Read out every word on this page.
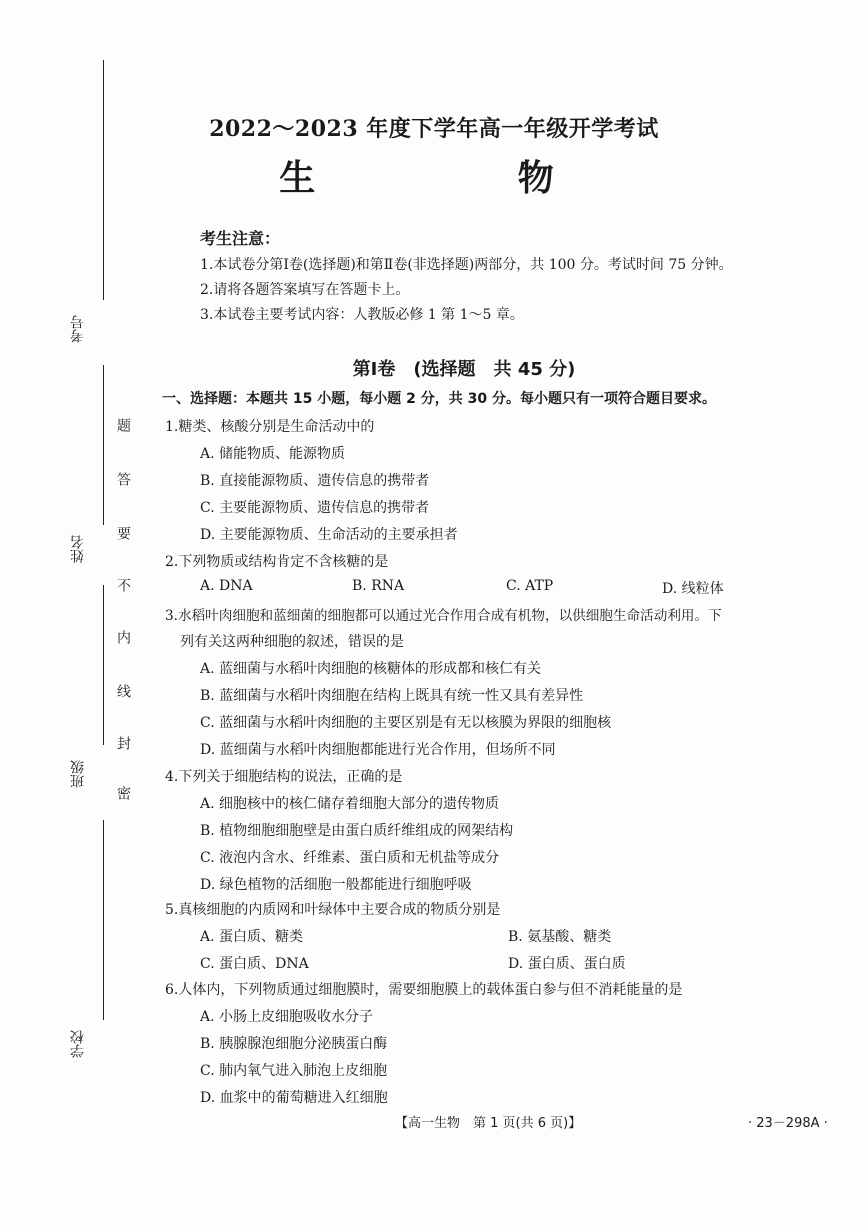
考号
姓名
班级
学校
题
答
要
不
内
线
封
密
2022～2023 年度下学年高一年级开学考试
生 物
考生注意：
1.本试卷分第Ⅰ卷(选择题)和第Ⅱ卷(非选择题)两部分，共 100 分。考试时间 75 分钟。
2.请将各题答案填写在答题卡上。
3.本试卷主要考试内容：人教版必修 1 第 1～5 章。
第Ⅰ卷　(选择题　共 45 分)
一、选择题：本题共 15 小题，每小题 2 分，共 30 分。每小题只有一项符合题目要求。
1.糖类、核酸分别是生命活动中的
A. 储能物质、能源物质
B. 直接能源物质、遗传信息的携带者
C. 主要能源物质、遗传信息的携带者
D. 主要能源物质、生命活动的主要承担者
2.下列物质或结构肯定不含核糖的是
A. DNA	B. RNA	C. ATP	D. 线粒体
3.水稻叶肉细胞和蓝细菌的细胞都可以通过光合作用合成有机物，以供细胞生命活动利用。下
列有关这两种细胞的叙述，错误的是
A. 蓝细菌与水稻叶肉细胞的核糖体的形成都和核仁有关
B. 蓝细菌与水稻叶肉细胞在结构上既具有统一性又具有差异性
C. 蓝细菌与水稻叶肉细胞的主要区别是有无以核膜为界限的细胞核
D. 蓝细菌与水稻叶肉细胞都能进行光合作用，但场所不同
4.下列关于细胞结构的说法，正确的是
A. 细胞核中的核仁储存着细胞大部分的遗传物质
B. 植物细胞细胞壁是由蛋白质纤维组成的网架结构
C. 液泡内含水、纤维素、蛋白质和无机盐等成分
D. 绿色植物的活细胞一般都能进行细胞呼吸
5.真核细胞的内质网和叶绿体中主要合成的物质分别是
A. 蛋白质、糖类	B. 氨基酸、糖类
C. 蛋白质、DNA	D. 蛋白质、蛋白质
6.人体内，下列物质通过细胞膜时，需要细胞膜上的载体蛋白参与但不消耗能量的是
A. 小肠上皮细胞吸收水分子
B. 胰腺腺泡细胞分泌胰蛋白酶
C. 肺内氧气进入肺泡上皮细胞
D. 血浆中的葡萄糖进入红细胞
【高一生物　第 1 页(共 6 页)】	· 23－298A ·
